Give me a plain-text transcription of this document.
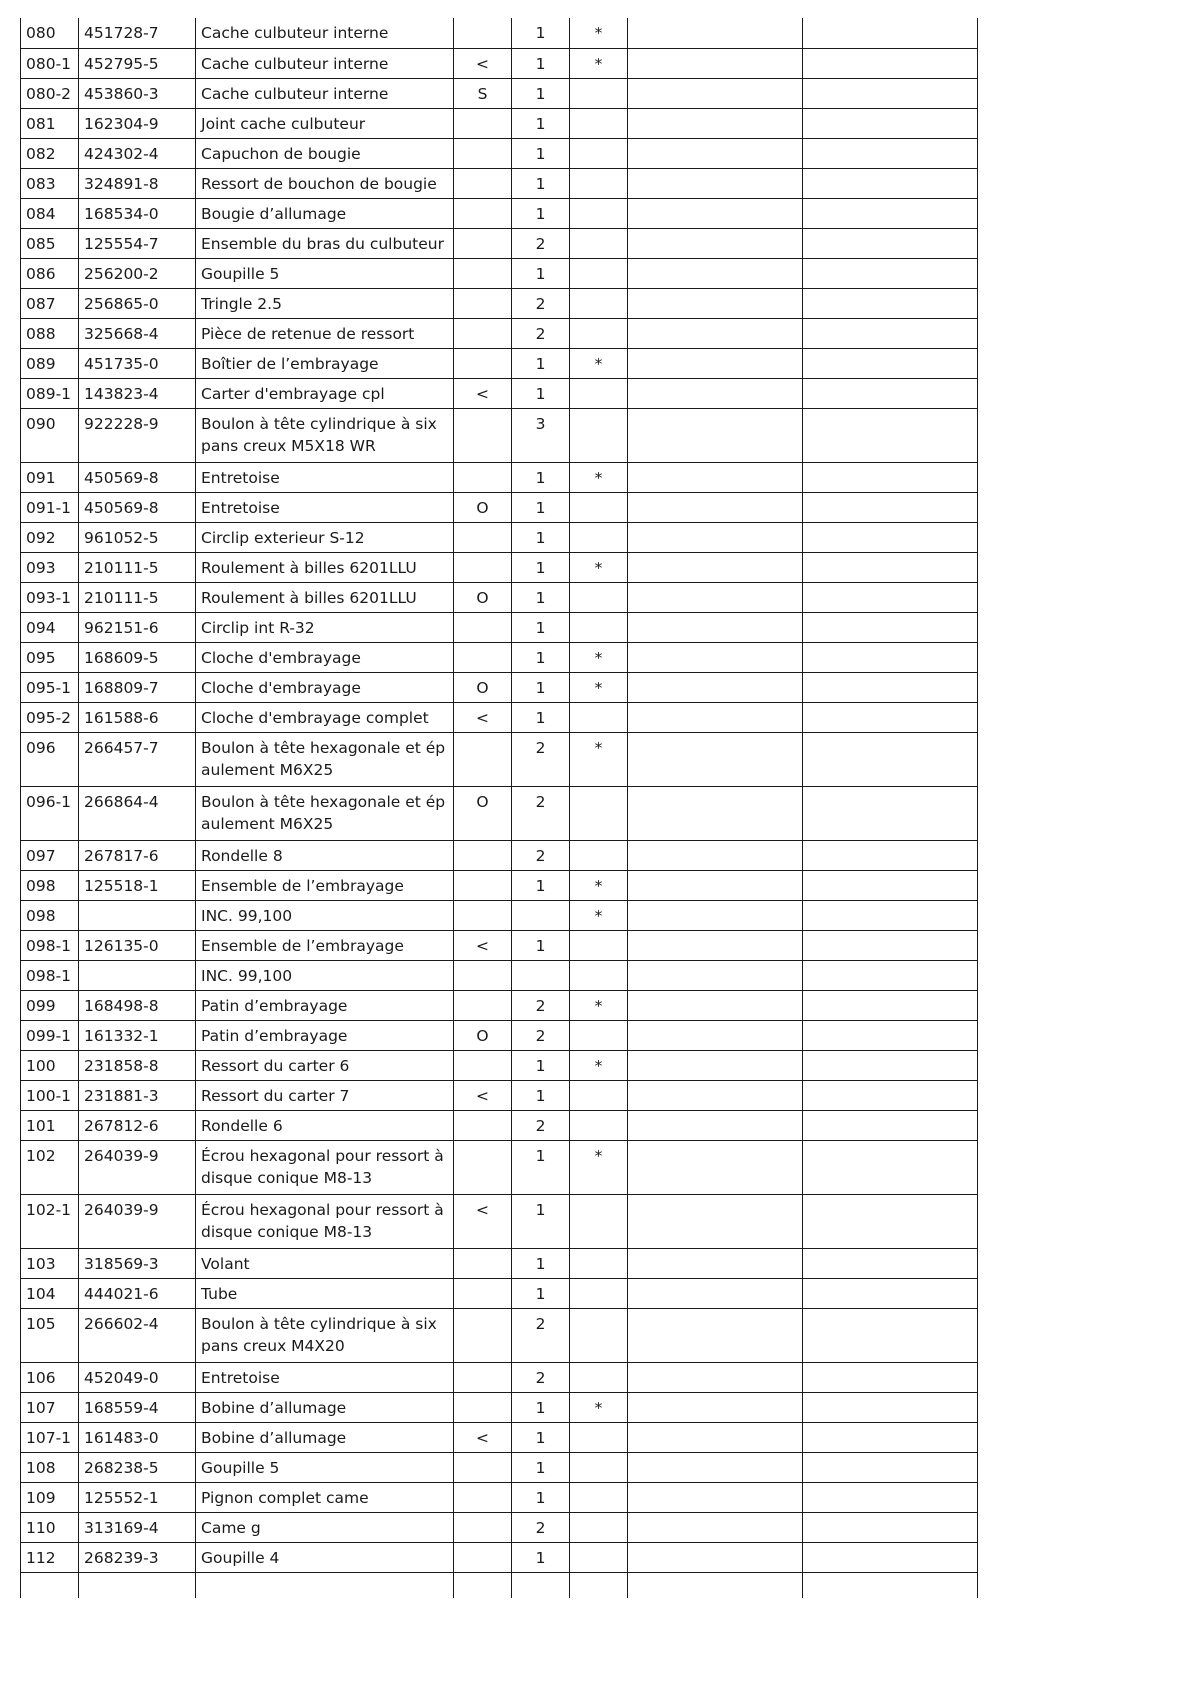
080	451728-7	Cache culbuteur interne		1	*		
080-1	452795-5	Cache culbuteur interne	<	1	*		
080-2	453860-3	Cache culbuteur interne	S	1			
081	162304-9	Joint cache culbuteur		1			
082	424302-4	Capuchon de bougie		1			
083	324891-8	Ressort de bouchon de bougie		1			
084	168534-0	Bougie d’allumage		1			
085	125554-7	Ensemble du bras du culbuteur		2			
086	256200-2	Goupille 5		1			
087	256865-0	Tringle 2.5		2			
088	325668-4	Pièce de retenue de ressort		2			
089	451735-0	Boîtier de l’embrayage		1	*		
089-1	143823-4	Carter d'embrayage cpl	<	1			
090	922228-9	Boulon à tête cylindrique à six pans creux M5X18 WR		3			
091	450569-8	Entretoise		1	*		
091-1	450569-8	Entretoise	O	1			
092	961052-5	Circlip exterieur S-12		1			
093	210111-5	Roulement à billes 6201LLU		1	*		
093-1	210111-5	Roulement à billes 6201LLU	O	1			
094	962151-6	Circlip int R-32		1			
095	168609-5	Cloche d'embrayage		1	*		
095-1	168809-7	Cloche d'embrayage	O	1	*		
095-2	161588-6	Cloche d'embrayage complet	<	1			
096	266457-7	Boulon à tête hexagonale et épaulement M6X25		2	*		
096-1	266864-4	Boulon à tête hexagonale et épaulement M6X25	O	2			
097	267817-6	Rondelle 8		2			
098	125518-1	Ensemble de l’embrayage		1	*		
098		INC. 99,100			*		
098-1	126135-0	Ensemble de l’embrayage	<	1			
098-1		INC. 99,100					
099	168498-8	Patin d’embrayage		2	*		
099-1	161332-1	Patin d’embrayage	O	2			
100	231858-8	Ressort du carter 6		1	*		
100-1	231881-3	Ressort du carter 7	<	1			
101	267812-6	Rondelle 6		2			
102	264039-9	Écrou hexagonal pour ressort à disque conique M8-13		1	*		
102-1	264039-9	Écrou hexagonal pour ressort à disque conique M8-13	<	1			
103	318569-3	Volant		1			
104	444021-6	Tube		1			
105	266602-4	Boulon à tête cylindrique à six pans creux M4X20		2			
106	452049-0	Entretoise		2			
107	168559-4	Bobine d’allumage		1	*		
107-1	161483-0	Bobine d’allumage	<	1			
108	268238-5	Goupille 5		1			
109	125552-1	Pignon complet came		1			
110	313169-4	Came g		2			
112	268239-3	Goupille 4		1			
